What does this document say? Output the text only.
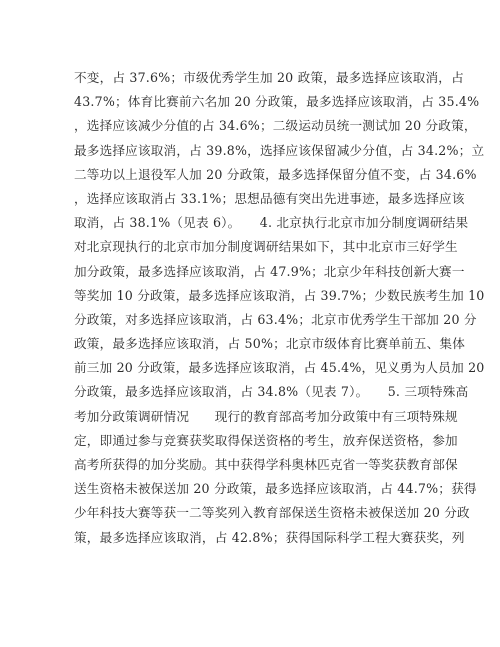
不变，占 37.6%；市级优秀学生加 20 政策，最多选择应该取消，占
43.7%；体育比赛前六名加 20 分政策，最多选择应该取消，占 35.4%
，选择应该减少分值的占 34.6%；二级运动员统一测试加 20 分政策，
最多选择应该取消，占 39.8%，选择应该保留减少分值，占 34.2%；立
二等功以上退役军人加 20 分政策，最多选择保留分值不变，占 34.6%
，选择应该取消占 33.1%；思想品德有突出先进事迹，最多选择应该
取消，占 38.1%（见表 6）。　　4. 北京执行北京市加分制度调研结果
对北京现执行的北京市加分制度调研结果如下，其中北京市三好学生
加分政策，最多选择应该取消，占 47.9%；北京少年科技创新大赛一
等奖加 10 分政策，最多选择应该取消，占 39.7%；少数民族考生加 10
分政策，对多选择应该取消，占 63.4%；北京市优秀学生干部加 20 分
政策，最多选择应该取消，占 50%；北京市级体育比赛单前五、集体
前三加 20 分政策，最多选择应该取消，占 45.4%，见义勇为人员加 20
分政策，最多选择应该取消，占 34.8%（见表 7）。　　5. 三项特殊高
考加分政策调研情况　　现行的教育部高考加分政策中有三项特殊规
定，即通过参与竞赛获奖取得保送资格的考生，放弃保送资格，参加
高考所获得的加分奖励。其中获得学科奥林匹克省一等奖获教育部保
送生资格未被保送加 20 分政策，最多选择应该取消，占 44.7%；获得
少年科技大赛等获一二等奖列入教育部保送生资格未被保送加 20 分政
策，最多选择应该取消，占 42.8%；获得国际科学工程大赛获奖，列
